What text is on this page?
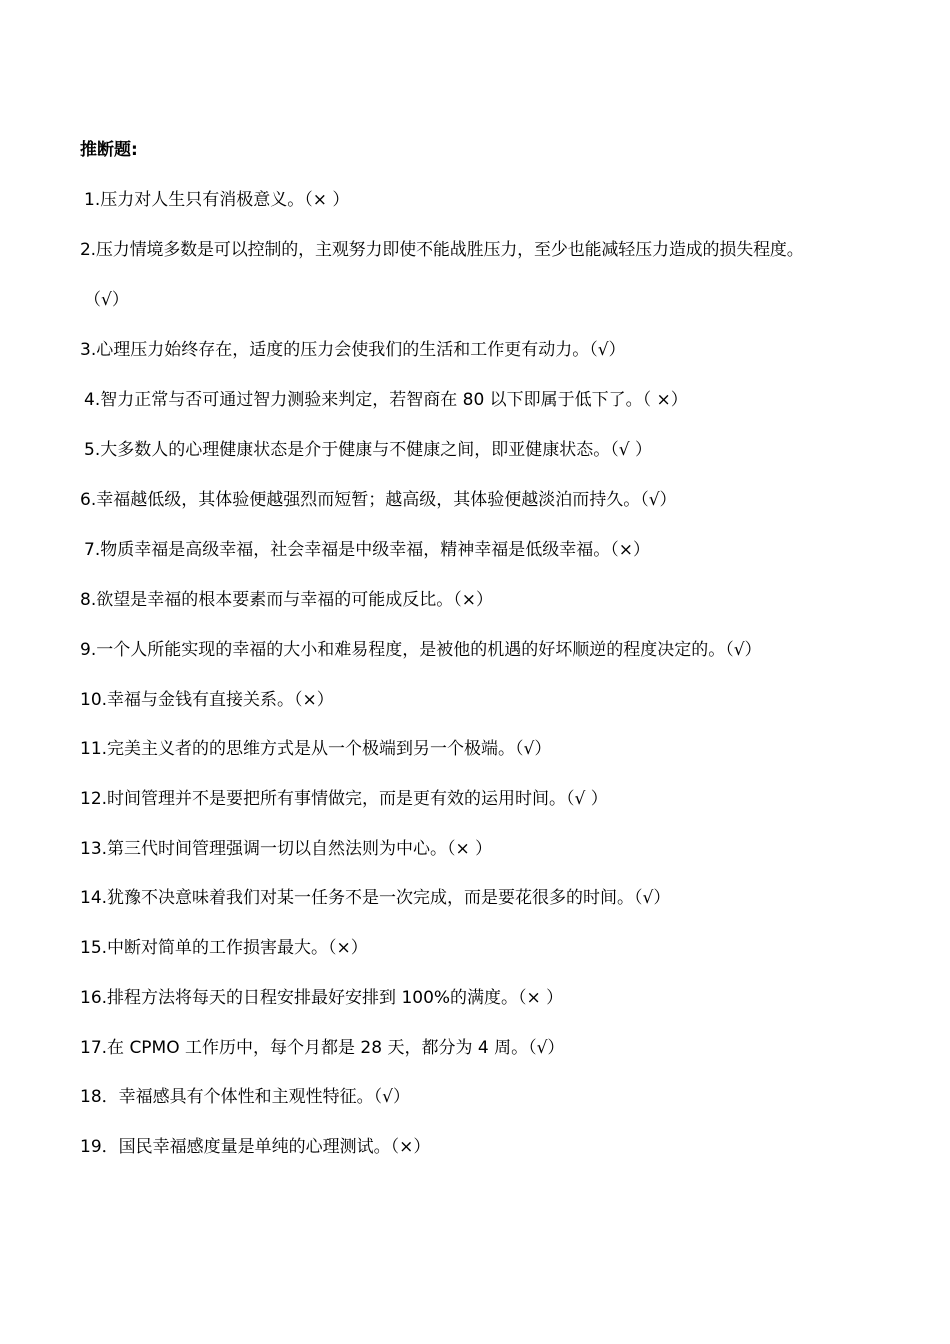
推断题:
1.压力对人生只有消极意义。（× ）
2.压力情境多数是可以控制的，主观努力即使不能战胜压力，至少也能减轻压力造成的损失程度。
（√）
3.心理压力始终存在，适度的压力会使我们的生活和工作更有动力。（√）
4.智力正常与否可通过智力测验来判定，若智商在 80 以下即属于低下了。（ ×）
5.大多数人的心理健康状态是介于健康与不健康之间，即亚健康状态。（√ ）
6.幸福越低级，其体验便越强烈而短暂；越高级，其体验便越淡泊而持久。（√）
7.物质幸福是高级幸福，社会幸福是中级幸福，精神幸福是低级幸福。（×）
8.欲望是幸福的根本要素而与幸福的可能成反比。（×）
9.一个人所能实现的幸福的大小和难易程度，是被他的机遇的好坏顺逆的程度决定的。（√）
10.幸福与金钱有直接关系。（×）
11.完美主义者的的思维方式是从一个极端到另一个极端。（√）
12.时间管理并不是要把所有事情做完，而是更有效的运用时间。（√ ）
13.第三代时间管理强调一切以自然法则为中心。（× ）
14.犹豫不决意味着我们对某一任务不是一次完成，而是要花很多的时间。（√）
15.中断对简单的工作损害最大。（×）
16.排程方法将每天的日程安排最好安排到 100%的满度。（× ）
17.在 CPMO 工作历中，每个月都是 28 天，都分为 4 周。（√）
18．幸福感具有个体性和主观性特征。（√）
19．国民幸福感度量是单纯的心理测试。（×）
